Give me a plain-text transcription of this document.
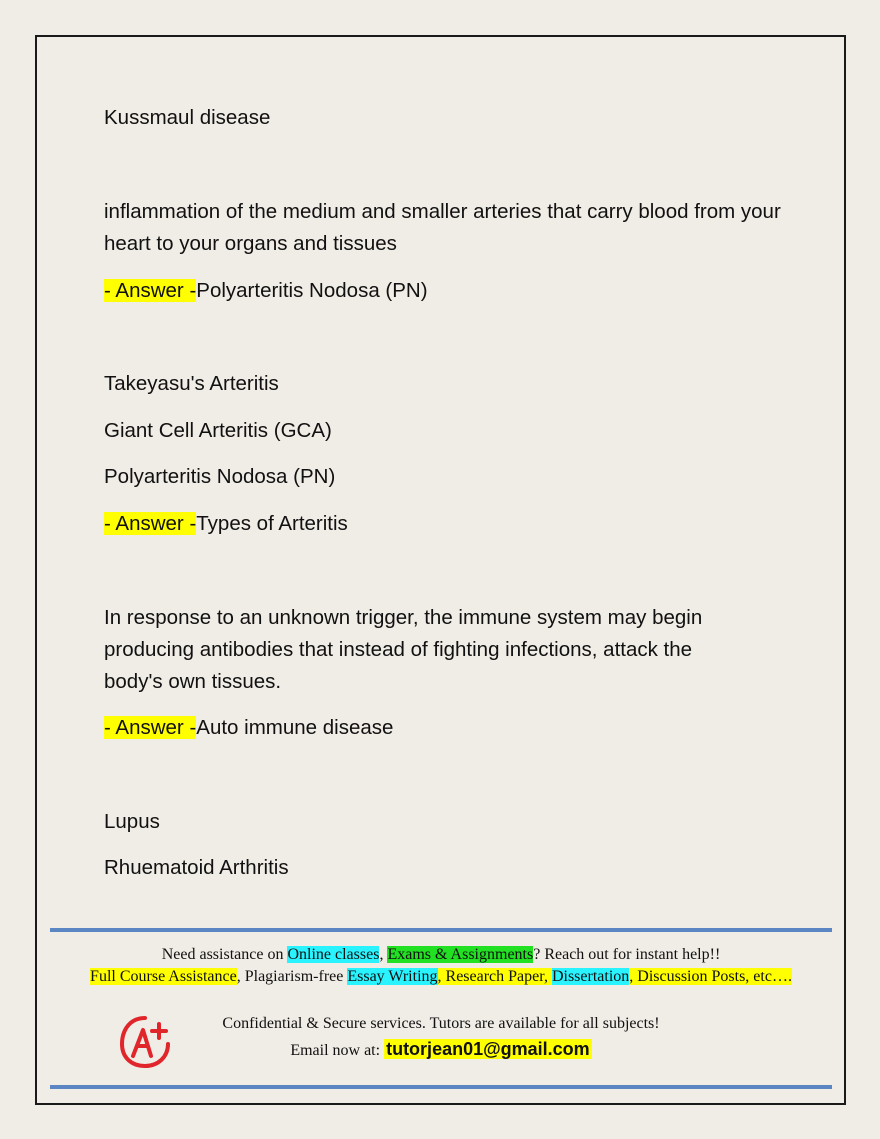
Kussmaul disease
inflammation of the medium and smaller arteries that carry blood from your heart to your organs and tissues
- Answer -Polyarteritis Nodosa (PN)
Takeyasu's Arteritis
Giant Cell Arteritis (GCA)
Polyarteritis Nodosa (PN)
- Answer -Types of Arteritis
In response to an unknown trigger, the immune system may begin producing antibodies that instead of fighting infections, attack the body's own tissues.
- Answer -Auto immune disease
Lupus
Rhuematoid Arthritis
Need assistance on Online classes, Exams & Assignments? Reach out for instant help!!
Full Course Assistance, Plagiarism-free Essay Writing, Research Paper, Dissertation, Discussion Posts, etc….
A+
Confidential & Secure services. Tutors are available for all subjects!
Email now at: tutorjean01@gmail.com
